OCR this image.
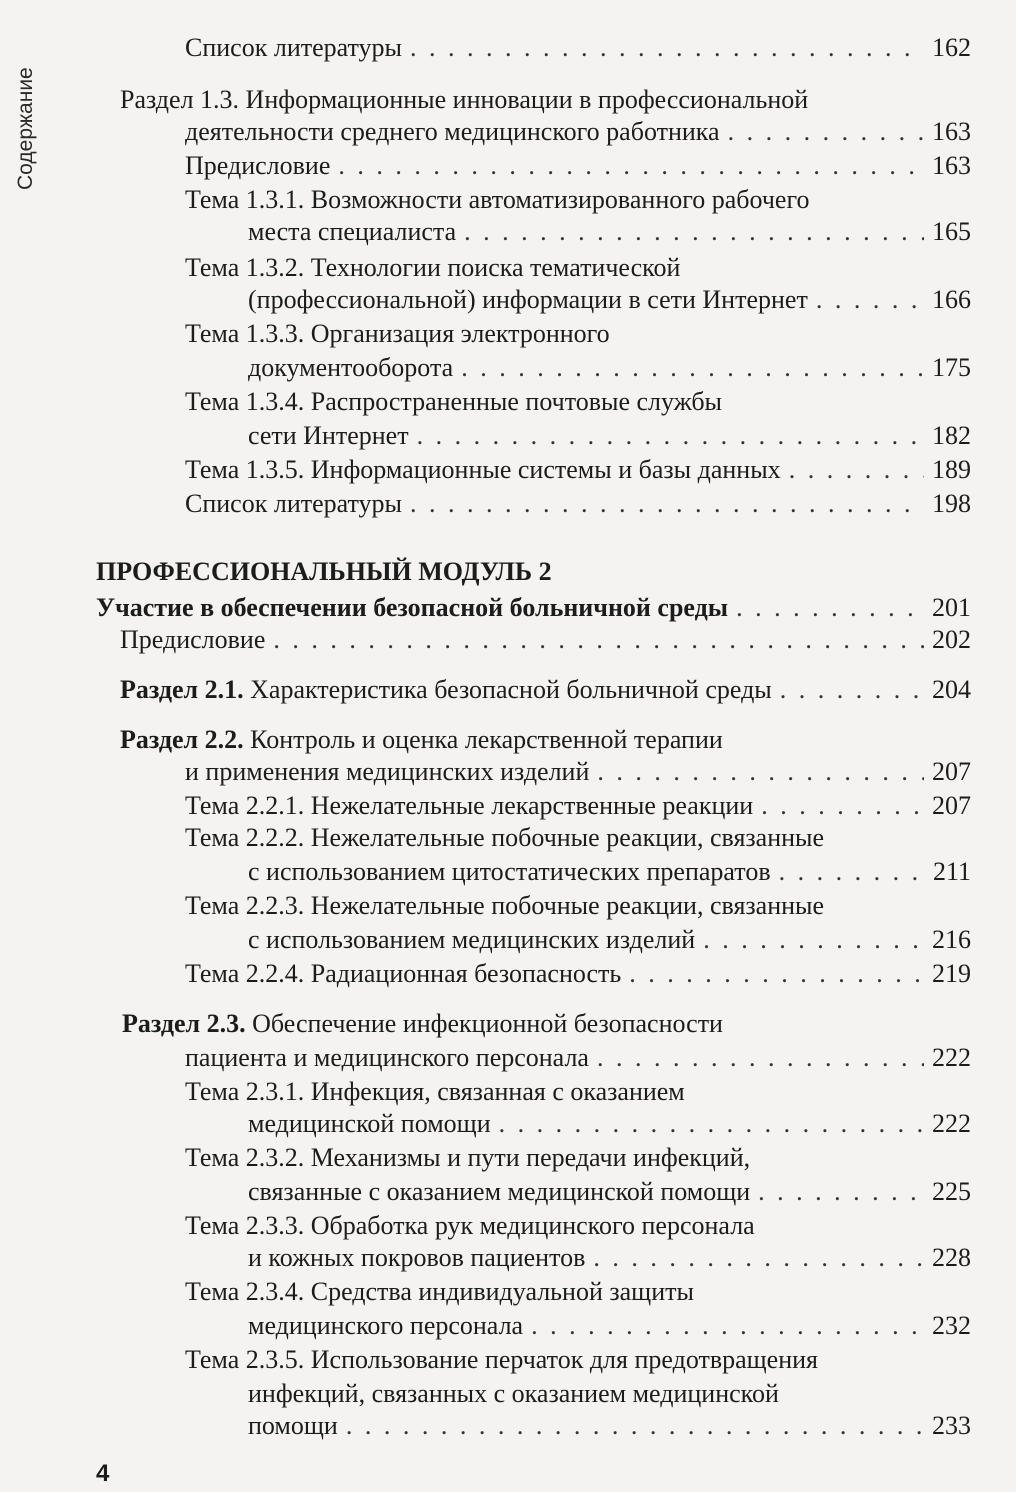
Содержание
Список литературы . . .	162
Раздел 1.3. Информационные инновации в профессиональной
деятельности среднего медицинского работника . . .	163
Предисловие . . .	163
Тема 1.3.1. Возможности автоматизированного рабочего
места специалиста . . .	165
Тема 1.3.2. Технологии поиска тематической
(профессиональной) информации в сети Интернет . . .	166
Тема 1.3.3. Организация электронного
документооборота . . .	175
Тема 1.3.4. Распространенные почтовые службы
сети Интернет . . .	182
Тема 1.3.5. Информационные системы и базы данных . . .	189
Список литературы . . .	198
ПРОФЕССИОНАЛЬНЫЙ МОДУЛЬ 2
Участие в обеспечении безопасной больничной среды . . .	201
Предисловие . . .	202
Раздел 2.1. Характеристика безопасной больничной среды . . .	204
Раздел 2.2. Контроль и оценка лекарственной терапии
и применения медицинских изделий . . .	207
Тема 2.2.1. Нежелательные лекарственные реакции . . .	207
Тема 2.2.2. Нежелательные побочные реакции, связанные
с использованием цитостатических препаратов . . .	211
Тема 2.2.3. Нежелательные побочные реакции, связанные
с использованием медицинских изделий . . .	216
Тема 2.2.4. Радиационная безопасность . . .	219
Раздел 2.3. Обеспечение инфекционной безопасности
пациента и медицинского персонала . . .	222
Тема 2.3.1. Инфекция, связанная с оказанием
медицинской помощи . . .	222
Тема 2.3.2. Механизмы и пути передачи инфекций,
связанные с оказанием медицинской помощи . . .	225
Тема 2.3.3. Обработка рук медицинского персонала
и кожных покровов пациентов . . .	228
Тема 2.3.4. Средства индивидуальной защиты
медицинского персонала . . .	232
Тема 2.3.5. Использование перчаток для предотвращения
инфекций, связанных с оказанием медицинской
помощи . . .	233
4
